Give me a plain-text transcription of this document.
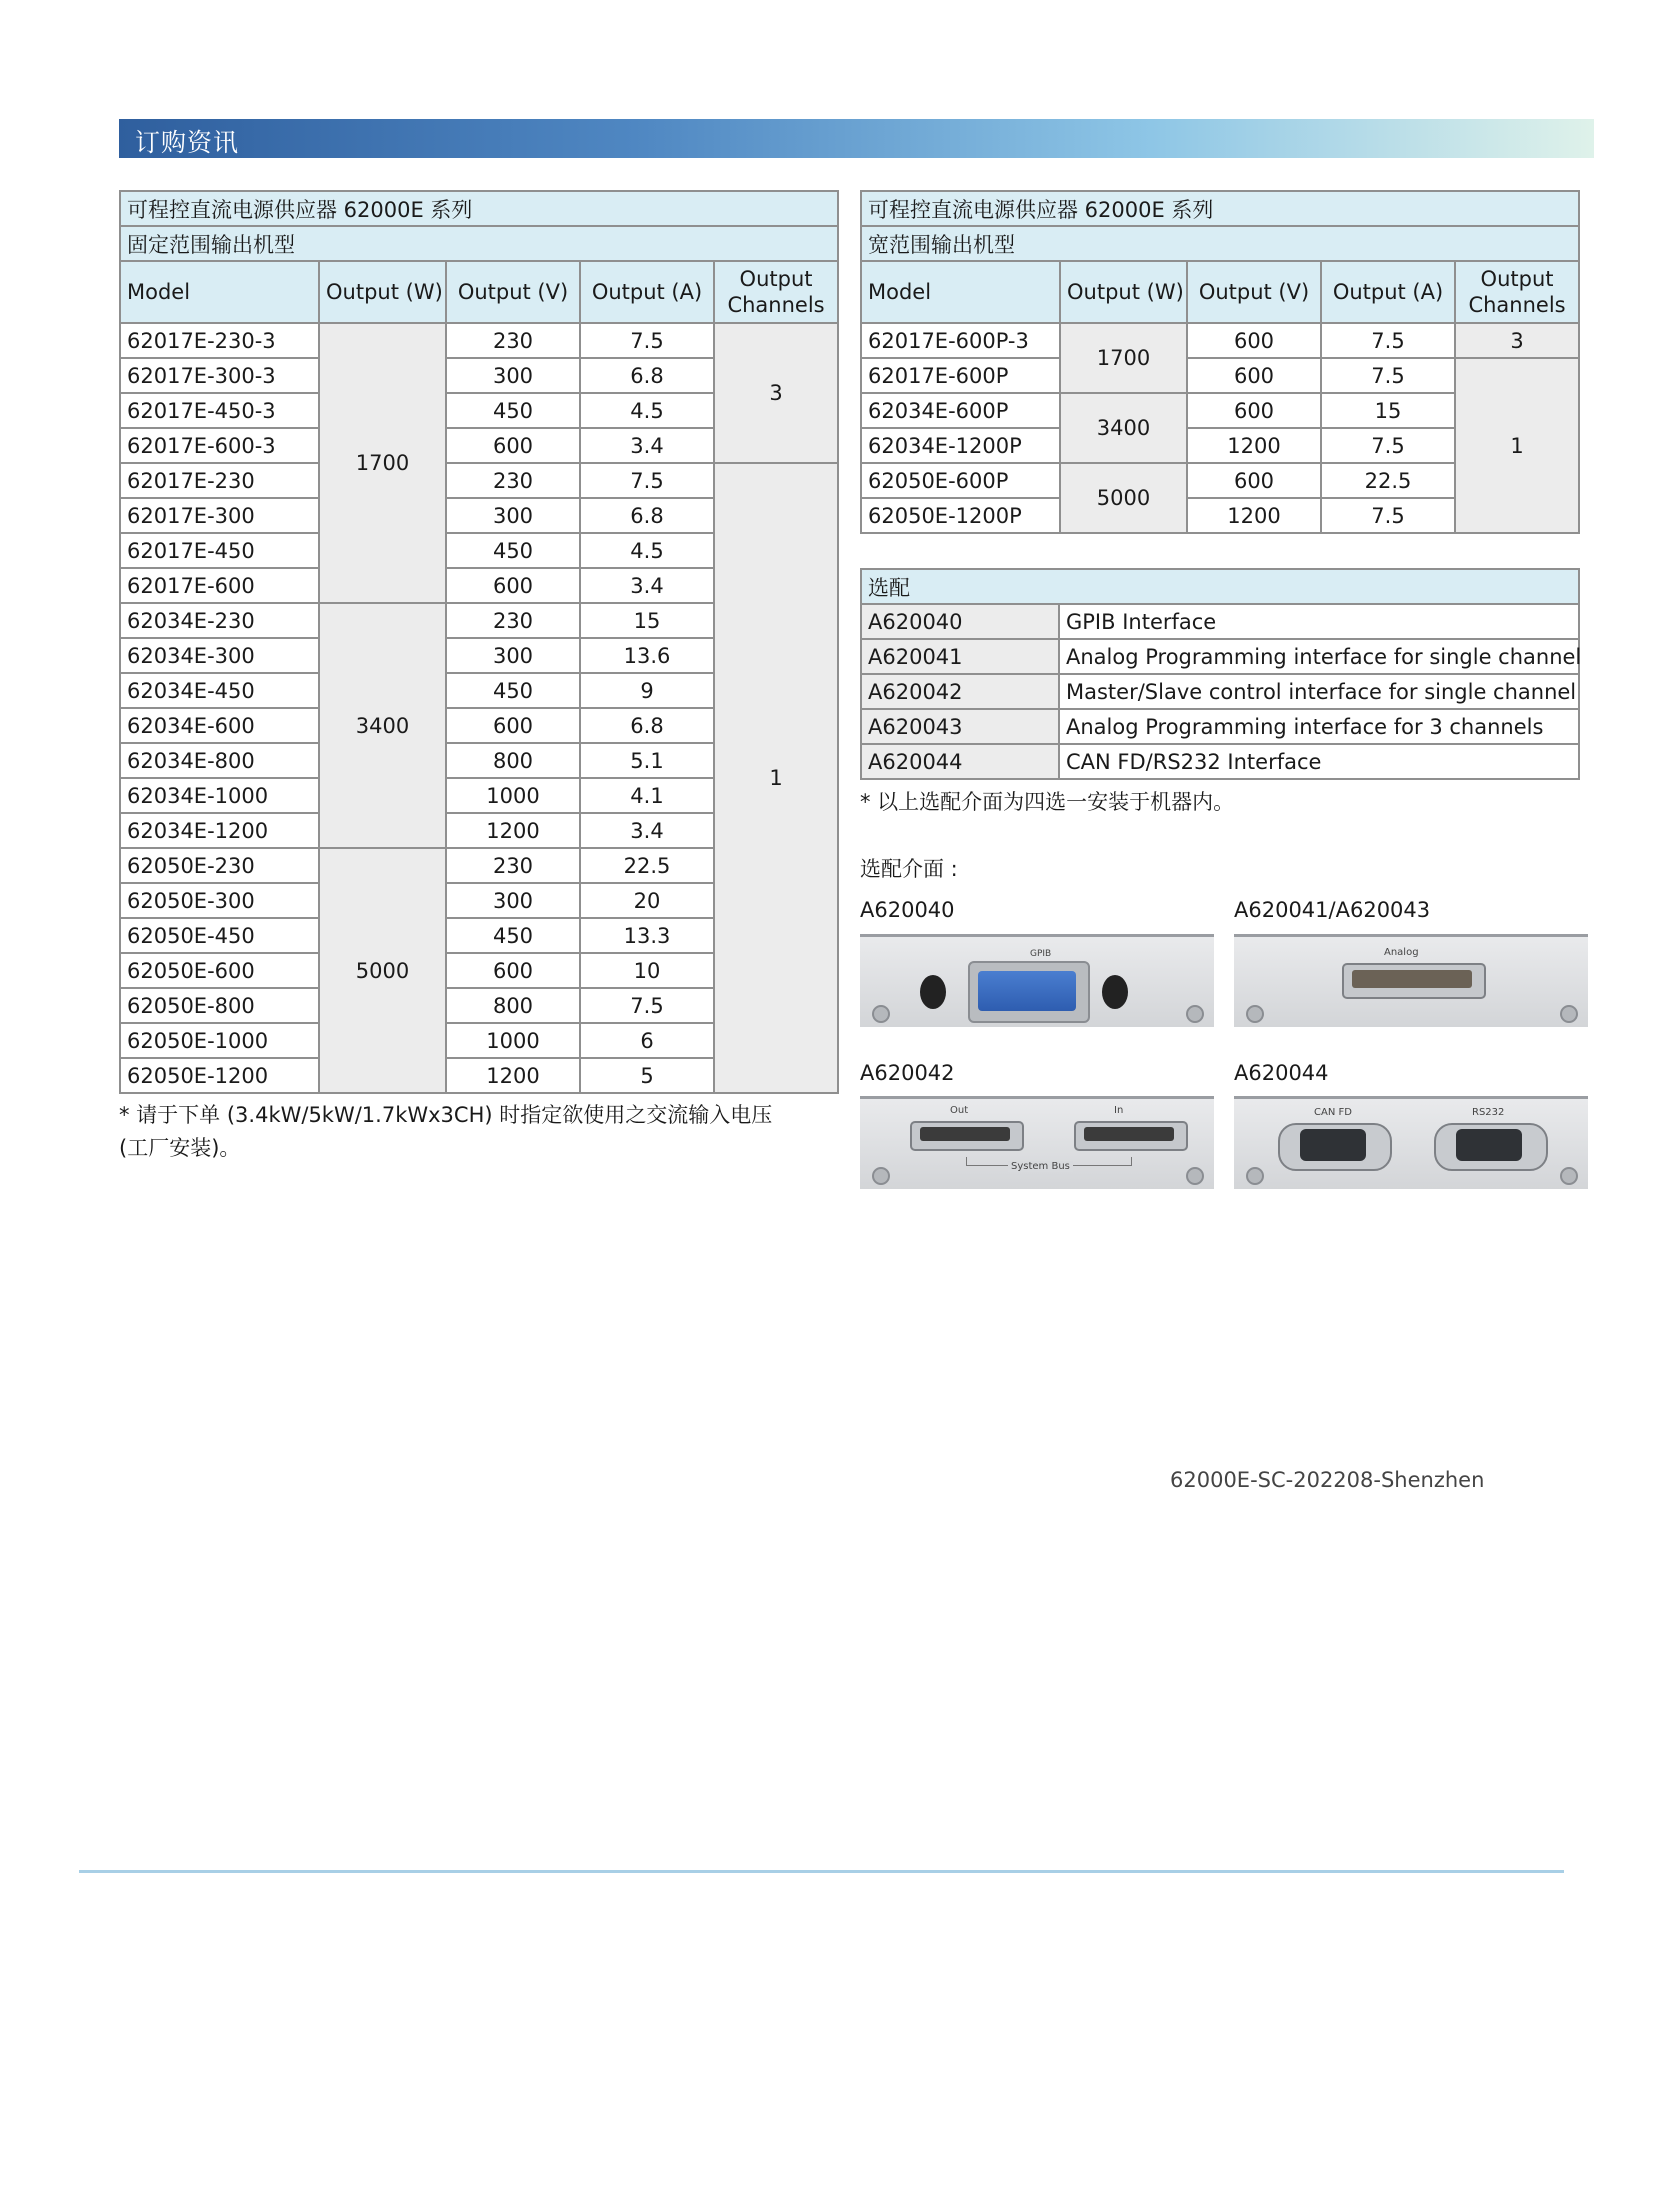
订购资讯
可程控直流电源供应器 62000E 系列				
固定范围输出机型				
Model	Output (W)	Output (V)	Output (A)	Output
Channels
62017E-230-3	1700	230	7.5	3
62017E-300-3		300	6.8	
62017E-450-3		450	4.5	
62017E-600-3		600	3.4	
62017E-230		230	7.5	1
62017E-300		300	6.8	
62017E-450		450	4.5	
62017E-600		600	3.4	
62034E-230	3400	230	15	
62034E-300		300	13.6	
62034E-450		450	9	
62034E-600		600	6.8	
62034E-800		800	5.1	
62034E-1000		1000	4.1	
62034E-1200		1200	3.4	
62050E-230	5000	230	22.5	
62050E-300		300	20	
62050E-450		450	13.3	
62050E-600		600	10	
62050E-800		800	7.5	
62050E-1000		1000	6	
62050E-1200		1200	5	
* 请于下单 (3.4kW/5kW/1.7kWx3CH) 时指定欲使用之交流输入电压
(工厂安装)。
可程控直流电源供应器 62000E 系列				
宽范围输出机型				
Model	Output (W)	Output (V)	Output (A)	Output
Channels
62017E-600P-3	1700	600	7.5	3
62017E-600P		600	7.5	1
62034E-600P	3400	600	15	
62034E-1200P		1200	7.5	
62050E-600P	5000	600	22.5	
62050E-1200P		1200	7.5	
选配	
A620040	GPIB Interface
A620041	Analog Programming interface for single channel
A620042	Master/Slave control interface for single channel
A620043	Analog Programming interface for 3 channels
A620044	CAN FD/RS232 Interface
* 以上选配介面为四选一安装于机器内。
选配介面 :
A620040	A620041/A620043
A620042	A620044
GPIB	Analog
Out	In
System Bus
CAN FD	RS232
62000E-SC-202208-Shenzhen
